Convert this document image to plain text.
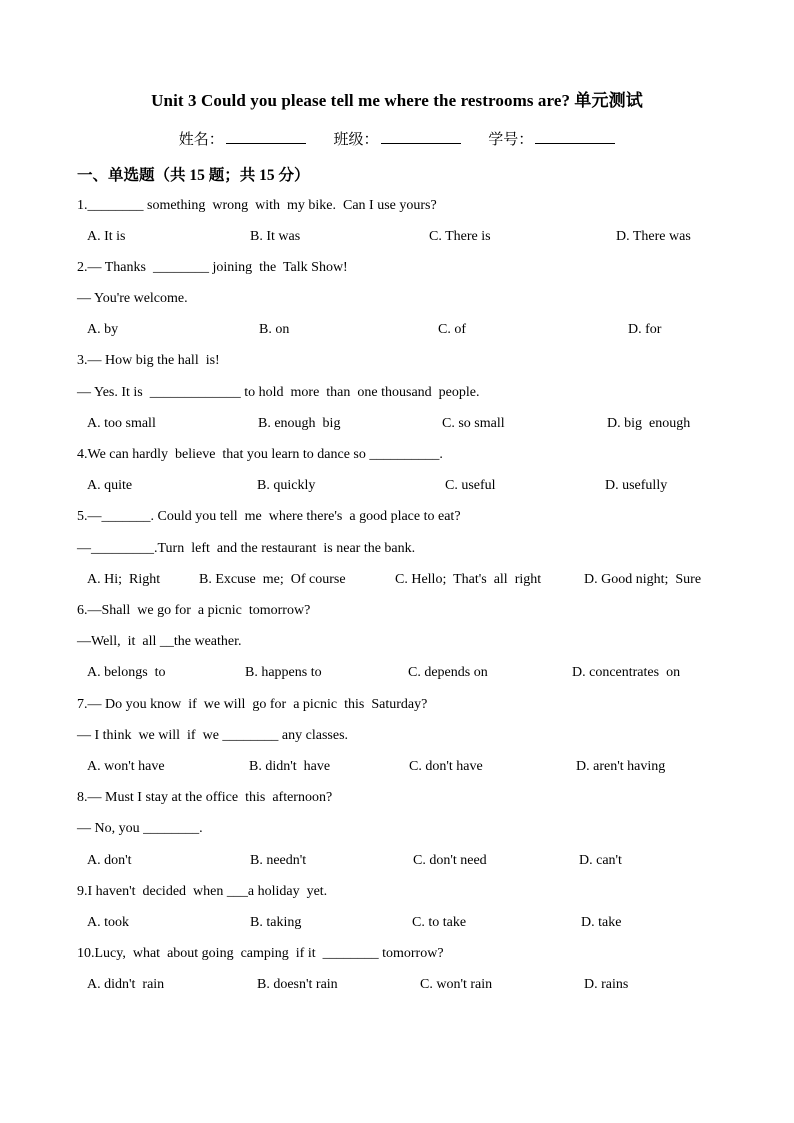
Unit 3 Could you please tell me where the restrooms are? 单元测试
姓名：	班级：	学号：
一、单选题（共 15 题；共 15 分）
1.________ something  wrong  with  my bike.  Can I use yours?
A. It is	B. It was	C. There is	D. There was
2.— Thanks  ________ joining  the  Talk Show!
— You're welcome.
A. by	B. on	C. of	D. for
3.— How big the hall  is!
— Yes. It is  _____________ to hold  more  than  one thousand  people.
A. too small	B. enough  big	C. so small	D. big  enough
4.We can hardly  believe  that you learn to dance so __________.
A. quite	B. quickly	C. useful	D. usefully
5.—_______. Could you tell  me  where there's  a good place to eat?
—_________.Turn  left  and the restaurant  is near the bank.
A. Hi;  Right	B. Excuse  me;  Of course	C. Hello;  That's  all  right	D. Good night;  Sure
6.—Shall  we go for  a picnic  tomorrow?
—Well,  it  all __the weather.
A. belongs  to	B. happens to	C. depends on	D. concentrates  on
7.— Do you know  if  we will  go for  a picnic  this  Saturday?
— I think  we will  if  we ________ any classes.
A. won't have	B. didn't  have	C. don't have	D. aren't having
8.— Must I stay at the office  this  afternoon?
— No, you ________.
A. don't	B. needn't	C. don't need	D. can't
9.I haven't  decided  when ___a holiday  yet.
A. took	B. taking	C. to take	D. take
10.Lucy,  what  about going  camping  if it  ________ tomorrow?
A. didn't  rain	B. doesn't rain	C. won't rain	D. rains
